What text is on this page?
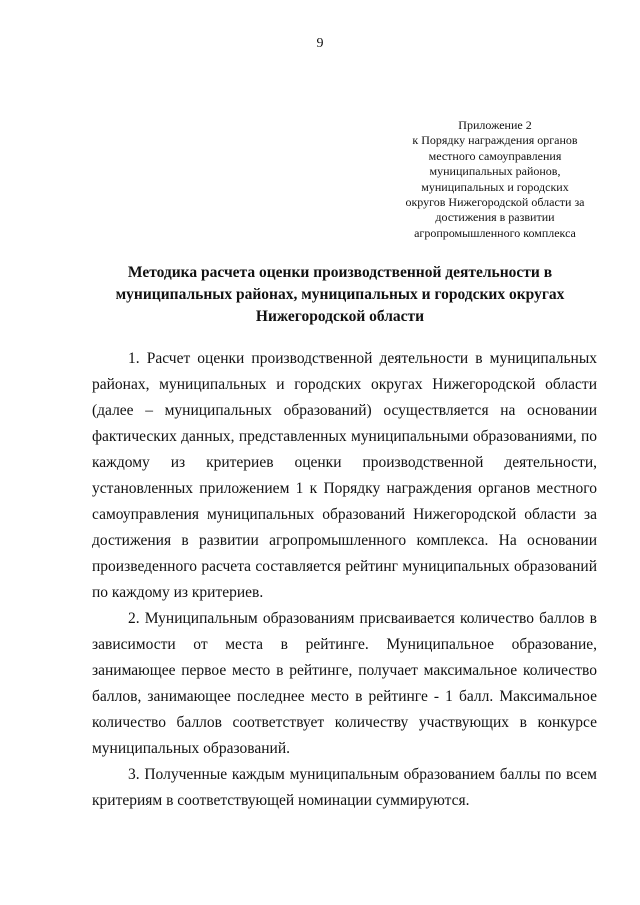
9
Приложение 2
к Порядку награждения органов
местного самоуправления
муниципальных районов,
муниципальных и городских
округов Нижегородской области за
достижения в развитии
агропромышленного комплекса
Методика расчета оценки производственной деятельности в
муниципальных районах, муниципальных и городских округах
Нижегородской области

1. Расчет оценки производственной деятельности в муниципальных районах, муниципальных и городских округах Нижегородской области (далее – муниципальных образований) осуществляется на основании фактических данных, представленных муниципальными образованиями, по каждому из критериев оценки производственной деятельности, установленных приложением 1 к Порядку награждения органов местного самоуправления муниципальных образований Нижегородской области за достижения в развитии агропромышленного комплекса. На основании произведенного расчета составляется рейтинг муниципальных образований по каждому из критериев.

2. Муниципальным образованиям присваивается количество баллов в зависимости от места в рейтинге. Муниципальное образование, занимающее первое место в рейтинге, получает максимальное количество баллов, занимающее последнее место в рейтинге - 1 балл. Максимальное количество баллов соответствует количеству участвующих в конкурсе муниципальных образований.

3. Полученные каждым муниципальным образованием баллы по всем критериям в соответствующей номинации суммируются.
